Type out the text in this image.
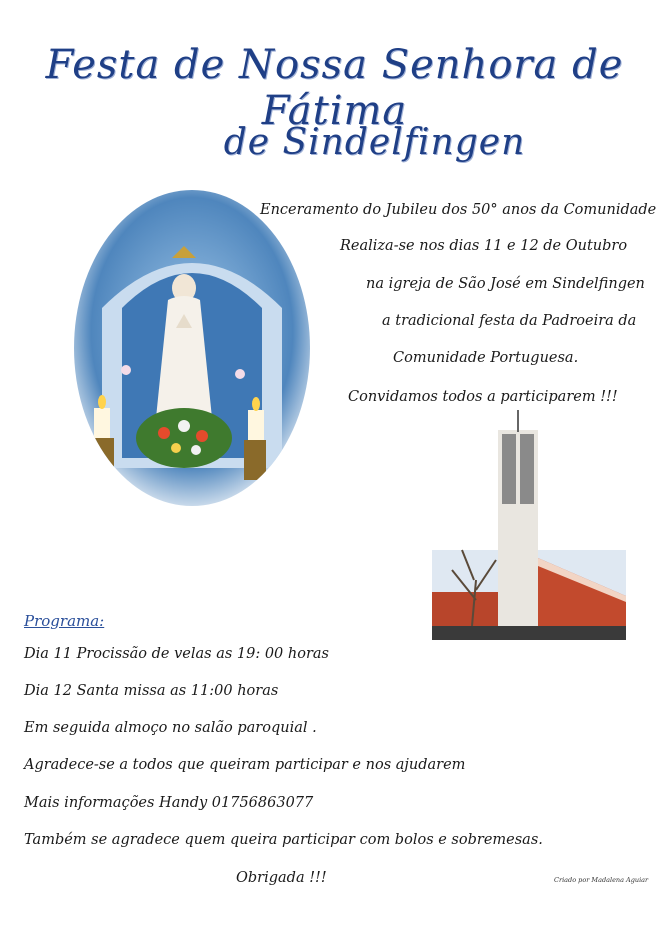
Festa de Nossa Senhora de Fátima
de Sindelfingen
Enceramento do Jubileu dos 50° anos da Comunidade
Realiza-se nos dias 11 e 12 de Outubro
na igreja de São José em Sindelfingen
a tradicional festa da Padroeira da
Comunidade Portuguesa.
Convidamos todos a participarem !!!
Programa:
Dia 11 Procissão de velas as 19: 00 horas
Dia 12 Santa missa as 11:00 horas
Em seguida almoço no salão paroquial .
Agradece-se a todos que queiram participar e nos ajudarem
Mais informações Handy 01756863077
Também se agradece quem queira participar com bolos e sobremesas.
Obrigada !!!	Criado por Madalena Aguiar
